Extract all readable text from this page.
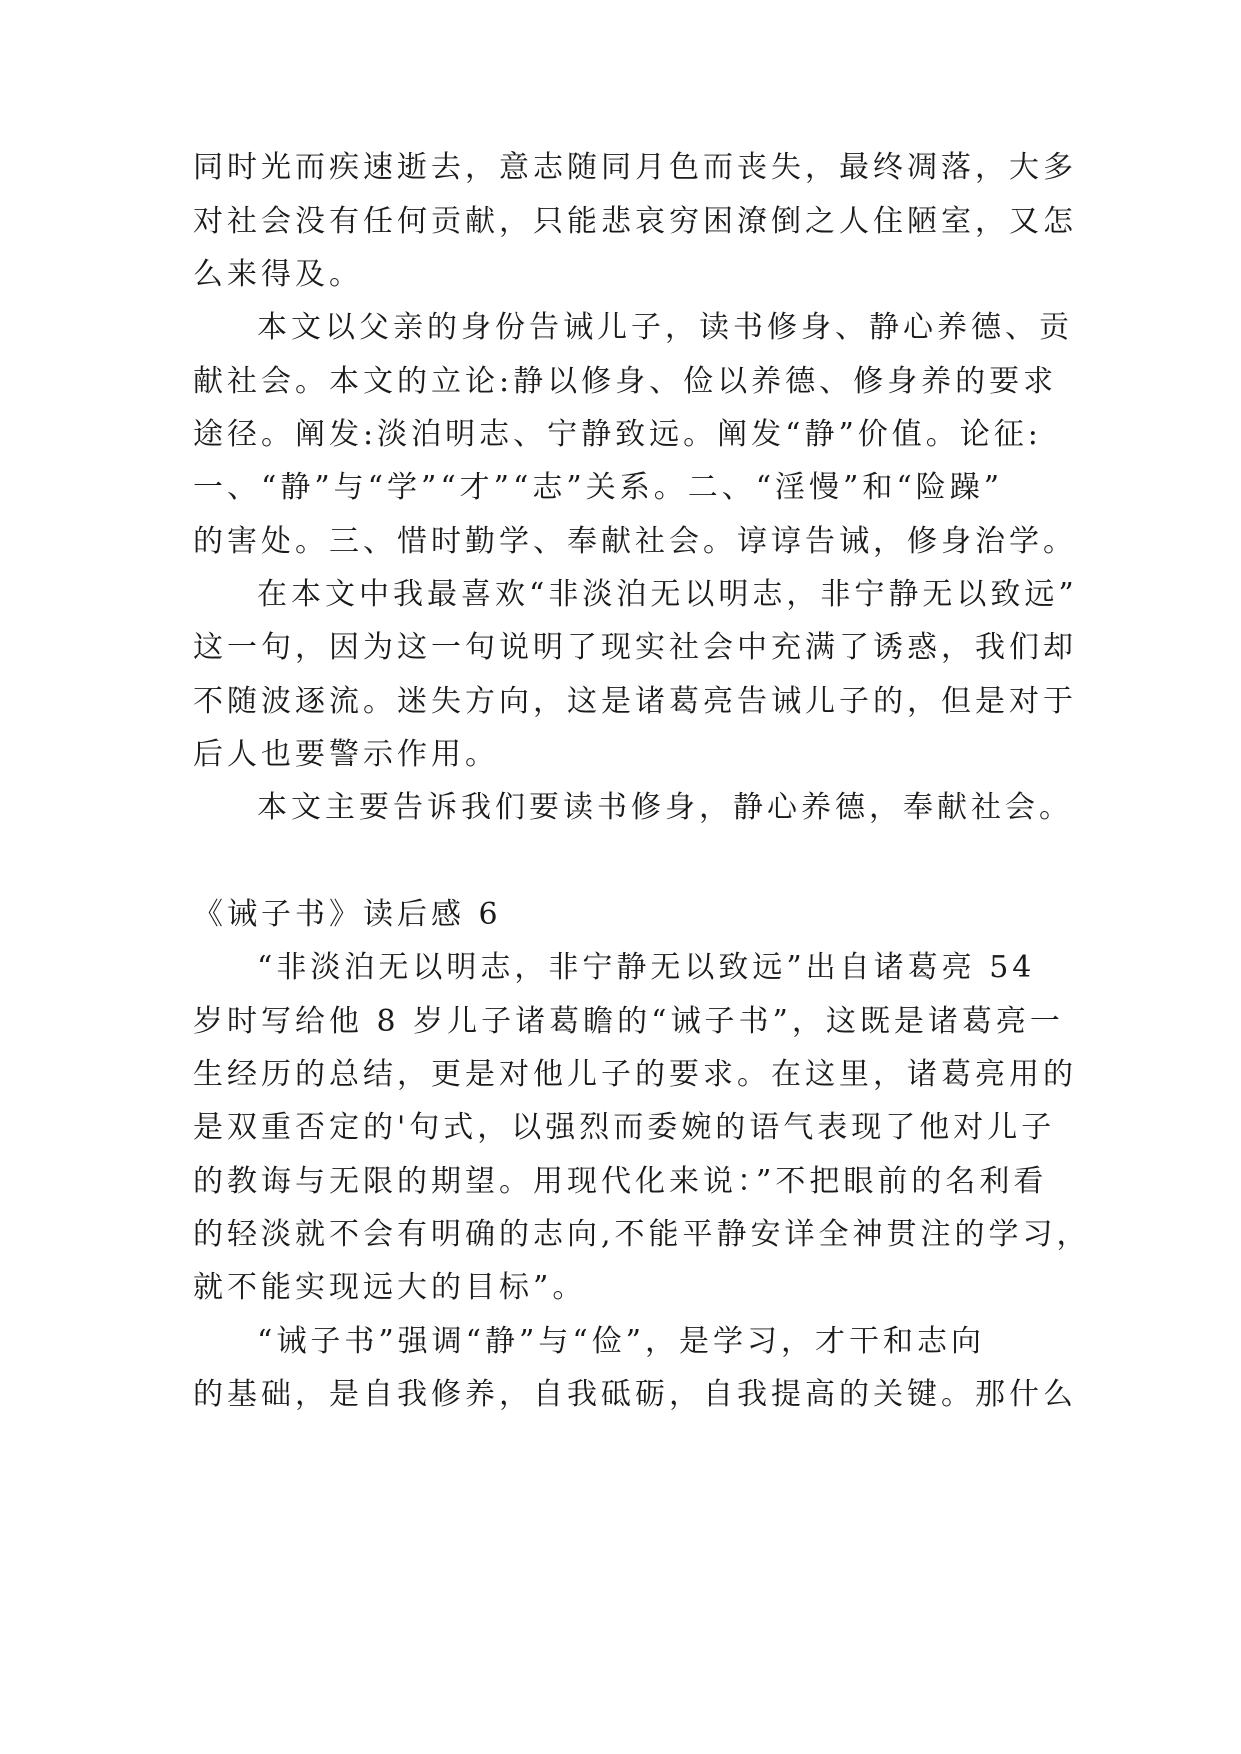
同时光而疾速逝去，意志随同月色而丧失，最终凋落，大多
对社会没有任何贡献，只能悲哀穷困潦倒之人住陋室，又怎
么来得及。
本文以父亲的身份告诫儿子，读书修身、静心养德、贡
献社会。本文的立论:静以修身、俭以养德、修身养的要求
途径。阐发:淡泊明志、宁静致远。阐发“静”价值。论征:
一、“静”与“学”“才”“志”关系。二、“淫慢”和“险躁”
的害处。三、惜时勤学、奉献社会。谆谆告诫，修身治学。
在本文中我最喜欢“非淡泊无以明志，非宁静无以致远”
这一句，因为这一句说明了现实社会中充满了诱惑，我们却
不随波逐流。迷失方向，这是诸葛亮告诫儿子的，但是对于
后人也要警示作用。
本文主要告诉我们要读书修身，静心养德，奉献社会。
《诫子书》读后感 6
“非淡泊无以明志，非宁静无以致远”出自诸葛亮 54
岁时写给他 8 岁儿子诸葛瞻的“诫子书”，这既是诸葛亮一
生经历的总结，更是对他儿子的要求。在这里，诸葛亮用的
是双重否定的'句式，以强烈而委婉的语气表现了他对儿子
的教诲与无限的期望。用现代化来说：”不把眼前的名利看
的轻淡就不会有明确的志向,不能平静安详全神贯注的学习，
就不能实现远大的目标”。
“诫子书”强调“静”与“俭”，是学习，才干和志向
的基础，是自我修养，自我砥砺，自我提高的关键。那什么
